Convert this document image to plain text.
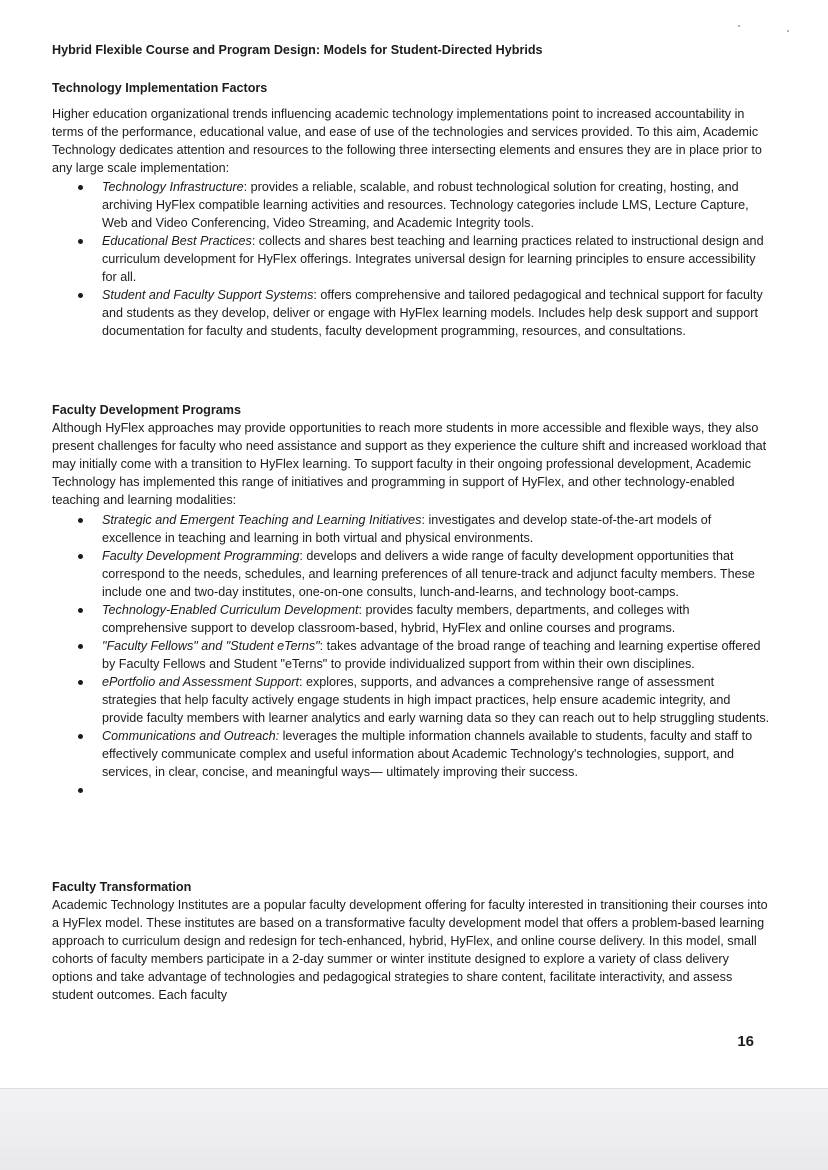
Hybrid Flexible Course and Program Design: Models for Student-Directed Hybrids
Technology Implementation Factors
Higher education organizational trends influencing academic technology implementations point to increased accountability in terms of the performance, educational value, and ease of use of the technologies and services provided. To this aim, Academic Technology dedicates attention and resources to the following three intersecting elements and ensures they are in place prior to any large scale implementation:
Technology Infrastructure: provides a reliable, scalable, and robust technological solution for creating, hosting, and archiving HyFlex compatible learning activities and resources. Technology categories include LMS, Lecture Capture, Web and Video Conferencing, Video Streaming, and Academic Integrity tools.
Educational Best Practices: collects and shares best teaching and learning practices related to instructional design and curriculum development for HyFlex offerings. Integrates universal design for learning principles to ensure accessibility for all.
Student and Faculty Support Systems: offers comprehensive and tailored pedagogical and technical support for faculty and students as they develop, deliver or engage with HyFlex learning models. Includes help desk support and support documentation for faculty and students, faculty development programming, resources, and consultations.
Faculty Development Programs
Although HyFlex approaches may provide opportunities to reach more students in more accessible and flexible ways, they also present challenges for faculty who need assistance and support as they experience the culture shift and increased workload that may initially come with a transition to HyFlex learning. To support faculty in their ongoing professional development, Academic Technology has implemented this range of initiatives and programming in support of HyFlex, and other technology-enabled teaching and learning modalities:
Strategic and Emergent Teaching and Learning Initiatives: investigates and develop state-of-the-art models of excellence in teaching and learning in both virtual and physical environments.
Faculty Development Programming: develops and delivers a wide range of faculty development opportunities that correspond to the needs, schedules, and learning preferences of all tenure-track and adjunct faculty members. These include one and two-day institutes, one-on-one consults, lunch-and-learns, and technology boot-camps.
Technology-Enabled Curriculum Development: provides faculty members, departments, and colleges with comprehensive support to develop classroom-based, hybrid, HyFlex and online courses and programs.
"Faculty Fellows" and "Student eTerns": takes advantage of the broad range of teaching and learning expertise offered by Faculty Fellows and Student "eTerns" to provide individualized support from within their own disciplines.
ePortfolio and Assessment Support: explores, supports, and advances a comprehensive range of assessment strategies that help faculty actively engage students in high impact practices, help ensure academic integrity, and provide faculty members with learner analytics and early warning data so they can reach out to help struggling students.
Communications and Outreach: leverages the multiple information channels available to students, faculty and staff to effectively communicate complex and useful information about Academic Technology's technologies, support, and services, in clear, concise, and meaningful ways— ultimately improving their success.
Faculty Transformation
Academic Technology Institutes are a popular faculty development offering for faculty interested in transitioning their courses into a HyFlex model. These institutes are based on a transformative faculty development model that offers a problem-based learning approach to curriculum design and redesign for tech-enhanced, hybrid, HyFlex, and online course delivery. In this model, small cohorts of faculty members participate in a 2-day summer or winter institute designed to explore a variety of class delivery options and take advantage of technologies and pedagogical strategies to share content, facilitate interactivity, and assess student outcomes. Each faculty
16
